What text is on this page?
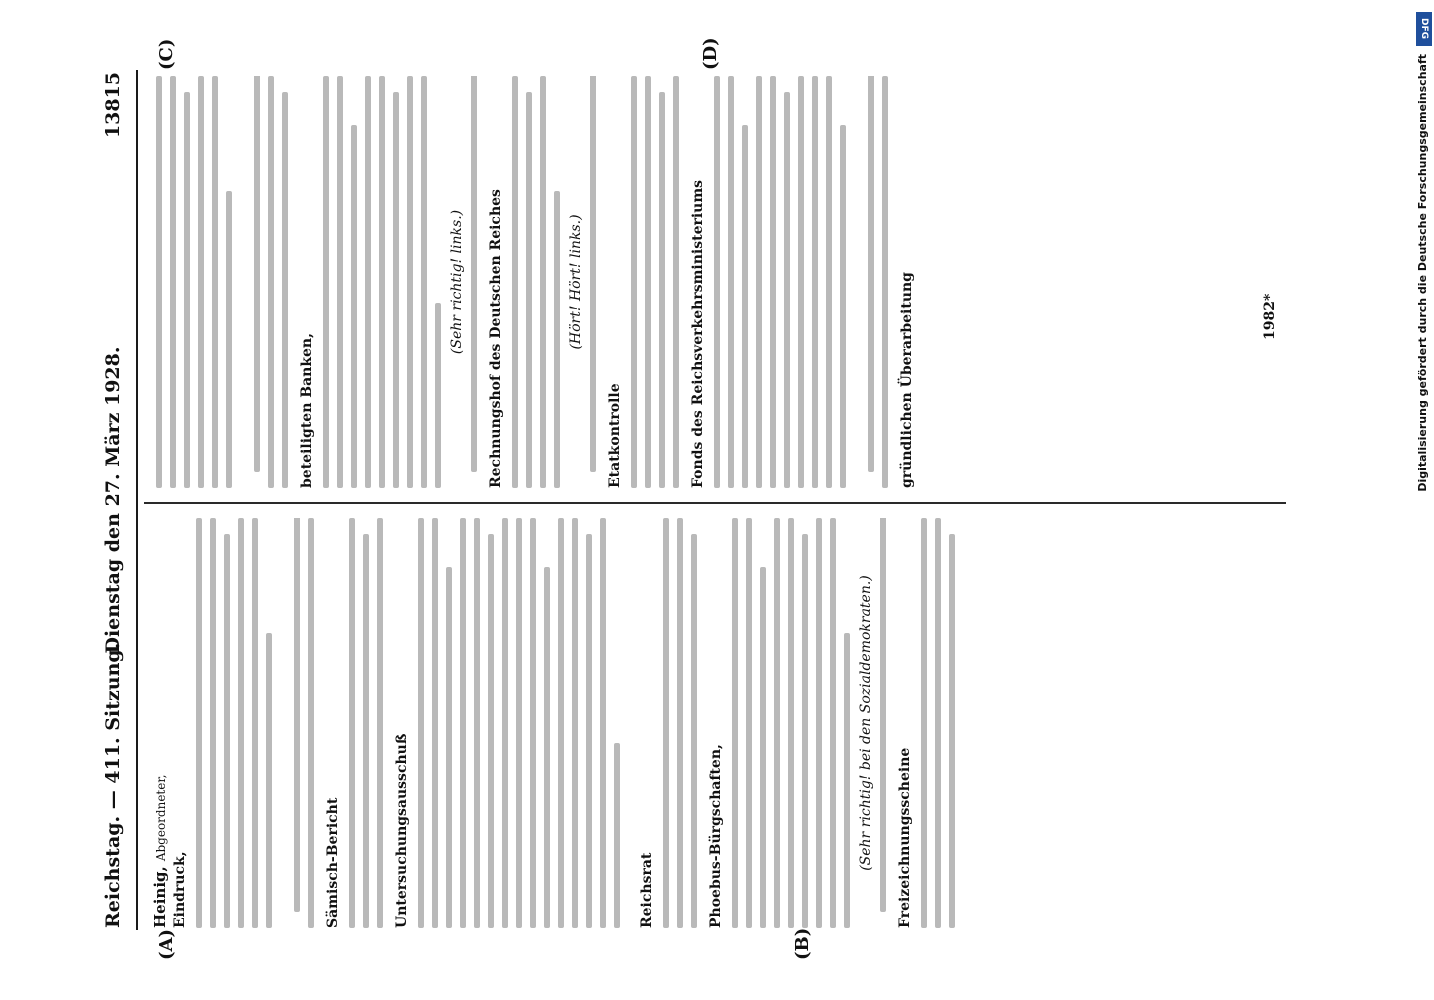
Reichstag. — 411. Sitzung.
Dienstag den 27. März 1928.
13815
(A)	(B)
(C)	(D)
Heinig, Abgeordneter,
Eindruck,	Sämisch-Bericht	Untersuchungsausschuß	Reichsrat	Phoebus-Bürgschaften,	(Sehr richtig! bei den Sozialdemokraten.) Freizeichnungsscheine
beteiligten Banken,
(Sehr richtig! links.) Rechnungshof des Deutschen Reiches	(Hört! Hört! links.)
Etatkontrolle	Fonds des Reichsverkehrsministeriums	gründlichen Überarbeitung	1982*
DFG
Digitalisierung gefördert durch die Deutsche Forschungsgemeinschaft
